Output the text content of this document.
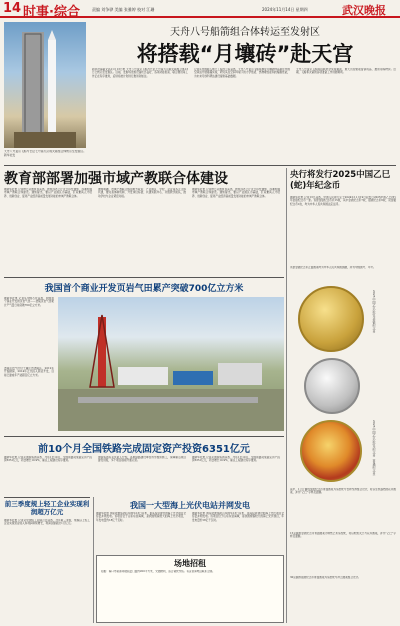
14 时事·综合	责编 刘争骅 美编 张雅婷 校对 江珊	2024年11月14日 星期四	武汉晚报
天舟八号货运飞船与长征七号遥九运载火箭组合体转运至发射区。 新华社发
天舟八号船箭组合体转运至发射区
将搭载“月壤砖”赴天宫
新华社海南文昌11月13日电 天舟八号货运飞船与长征七号遥九运载火箭组合体13日已转运至发射区。目前，发射场设施设备状态良好，各项功能检查、联合测试等工作正在有序推进，后续将按计划进行推进剂加注。
记者从中国载人航天工程办公室获悉，天舟八号货运飞船将携带月壤砖样品前往中国空间站开展暴露实验，研究其在空间环境下的力学性能、热物理性能和抗辐射性能，为未来月球科研站建设提供基础数据。
天舟八号货运飞船将搭载科学实验载荷、航天员在轨驻留消耗品、推进剂等物资。近期，飞船和火箭的各项准备工作进展顺利。
教育部部署加强市域产教联合体建设
据新华社电 记者昨日从教育部获悉，教育部办公厅近日印发通知，部署加强市域产教联合体建设。通知提出，要以产业园区为基础，打造兼具人才培养、创新创业、促进产业经济高质量发展功能的市域产教联合体。
通知明确，市域产教联合体由地方政府、产业园区、学校、企业等多元主体共建，要完善体制机制、开发岗位标准、共建实践中心、共组教学团队，推动学校与企业紧密对接。
据新华社电 记者昨日从教育部获悉，教育部办公厅近日印发通知，部署加强市域产教联合体建设。通知提出，要以产业园区为基础，打造兼具人才培养、创新创业、促进产业经济高质量发展功能的市域产教联合体。
央行将发行2025中国乙巳(蛇)年纪念币
据新华社电 记者13日获悉，中国人民银行定于2024年11月19日起发行2025中国乙巳(蛇)年金银纪念币一套。该套金银纪念币共15枚，其中金质纪念币7枚、银质纪念币6枚、双金属纪念币1枚，均为中华人民共和国法定货币。
该套金银纪念币正面图案均为中华人民共和国国徽，并刊中国国号、年号。
2025中国乙巳(蛇)年金银纪念币
2025中国乙巳(蛇)年纪念币（普通纪念币）
其中，1公斤圆形金质纪念币背面图案为造型蛇与吉祥纹饰组合设计，衬以生机盎然的花卉图案，并刊“乙巳”字样及面额。
15克圆形金质纪念币背面图案为剪纸艺术造型蛇，衬以蛇衔灵芝与花卉图案，并刊“乙巳”字样及面额。
30克圆形银质纪念币背面图案为造型蛇与祥云图案组合设计。
我国首个商业开发页岩气田累产突破700亿立方米
据新华社电 记者从中国石化获悉，我国首个商业开发的页岩气田——涪陵页岩气田累计产气量日前突破700亿立方米。
涪陵页岩气田位于重庆市涪陵区，2012年开始勘探，2014年正式投入商业开发，目前已建成年产能超百亿立方米。
前10个月全国铁路完成固定资产投资6351亿元
据新华社电 记者从国铁集团获悉，今年1至10月，全国铁路完成固定资产投资6351亿元，同比增长10.9%，重点工程建设有序推进。
国铁集团有关负责人介绍，各地铁路建设单位科学组织施工，保障重点项目建设进度，多个项目提前开通运营。
据新华社电 记者从国铁集团获悉，今年1至10月，全国铁路完成固定资产投资6351亿元，同比增长10.9%，重点工程建设有序推进。
前三季度规上轻工企业实现利润超万亿元
据新华社电 记者从中国轻工业联合会获悉，今年前三季度，规模以上轻工企业实现营业收入和利润持续增长，利润总额超过1万亿元。
我国一大型海上光伏电站并网发电
据新华社电 国家能源集团山东国华13日宣布，由其投资建设的海上光伏项目全容量并网发电。该项目位于山东东营海域，是我国规模较大的海上光伏项目，年发电量约18亿千瓦时。
据新华社电 国家能源集团山东国华13日宣布，由其投资建设的海上光伏项目全容量并网发电。该项目位于山东东营海域，是我国规模较大的海上光伏项目，年发电量约18亿千瓦时。
场地招租
招租：海口市某商务楼底层门面约200平方米，交通便利，适合餐饮零售。有意者请电话联系洽谈。
